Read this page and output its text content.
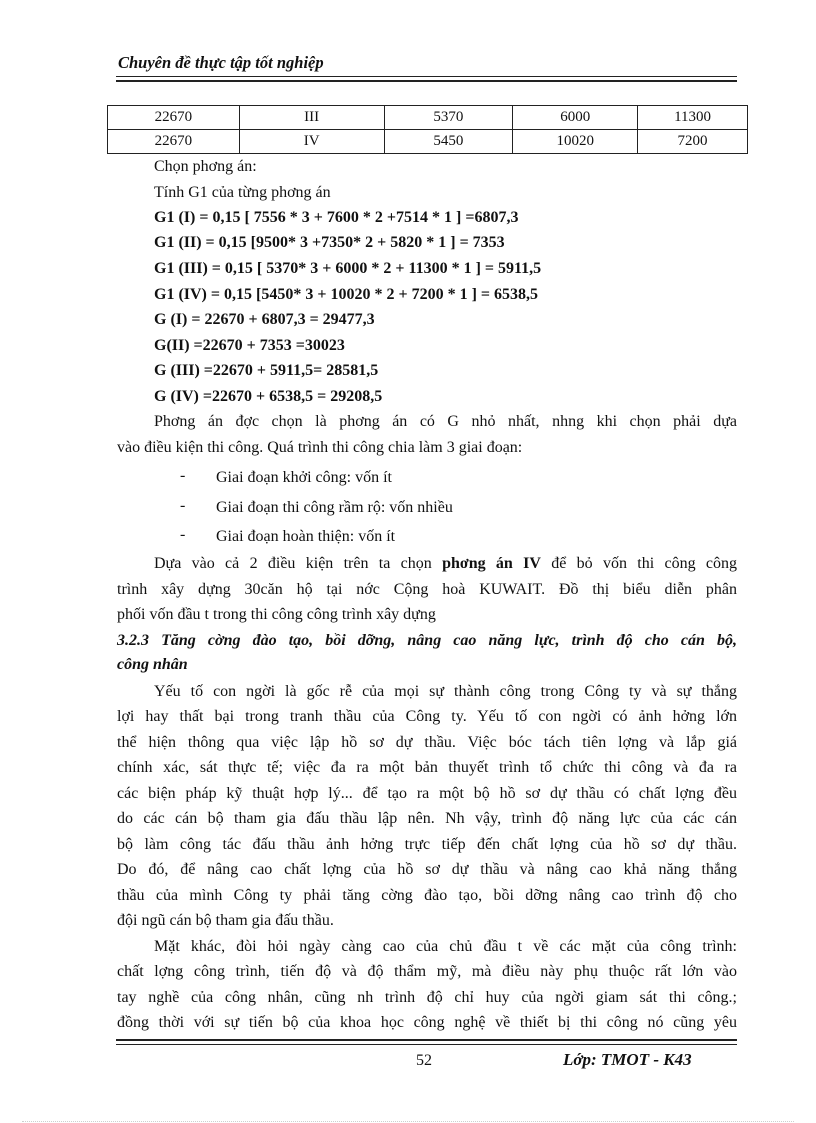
Chuyên đề thực tập tốt nghiệp
22670	III	5370	6000	11300
22670	IV	5450	10020	7200
Chọn phơng án:
Tính G1 của từng phơng án
G1 (I) = 0,15 [ 7556 * 3 + 7600 * 2 +7514 * 1 ] =6807,3
G1 (II) = 0,15 [9500* 3 +7350* 2 + 5820 * 1 ] = 7353
G1 (III) = 0,15 [ 5370* 3 + 6000 * 2 + 11300 * 1 ] = 5911,5
G1 (IV) = 0,15 [5450* 3 + 10020 * 2 + 7200 * 1 ] = 6538,5
G (I) = 22670 + 6807,3 = 29477,3
G(II) =22670 + 7353 =30023
G (III) =22670 + 5911,5= 28581,5
G (IV) =22670 + 6538,5 = 29208,5
Phơng án đợc chọn là phơng án có G nhỏ nhất, nhng khi chọn phải dựa
vào điều kiện thi công. Quá trình thi công chia làm 3 giai đoạn:
- Giai đoạn khởi công: vốn ít
- Giai đoạn thi công rầm rộ: vốn nhiều
- Giai đoạn hoàn thiện: vốn ít
Dựa vào cả 2 điều kiện trên ta chọn phơng án IV để bỏ vốn thi công công
trình xây dựng 30căn hộ tại nớc Cộng hoà KUWAIT. Đồ thị biểu diễn phân
phối vốn đầu t trong thi công công trình xây dựng
3.2.3 Tăng cờng đào tạo, bồi dỡng, nâng cao năng lực, trình độ cho cán bộ,
công nhân
Yếu tố con ngời là gốc rễ của mọi sự thành công trong Công ty và sự thắng
lợi hay thất bại trong tranh thầu của Công ty. Yếu tố con ngời có ảnh hởng lớn
thể hiện thông qua việc lập hồ sơ dự thầu. Việc bóc tách tiên lợng và lắp giá
chính xác, sát thực tế; việc đa ra một bản thuyết trình tổ chức thi công và đa ra
các biện pháp kỹ thuật hợp lý... để tạo ra một bộ hồ sơ dự thầu có chất lợng đều
do các cán bộ tham gia đấu thầu lập nên. Nh vậy, trình độ năng lực của các cán
bộ làm công tác đấu thầu ảnh hởng trực tiếp đến chất lợng của hồ sơ dự thầu.
Do đó, để nâng cao chất lợng của hồ sơ dự thầu và nâng cao khả năng thắng
thầu của mình Công ty phải tăng cờng đào tạo, bồi dỡng nâng cao trình độ cho
đội ngũ cán bộ tham gia đấu thầu.
Mặt khác, đòi hỏi ngày càng cao của chủ đầu t về các mặt của công trình:
chất lợng công trình, tiến độ và độ thẩm mỹ, mà điều này phụ thuộc rất lớn vào
tay nghề của công nhân, cũng nh trình độ chỉ huy của ngời giam sát thi công.;
đồng thời với sự tiến bộ của khoa học công nghệ về thiết bị thi công nó cũng yêu
52	Lớp: TMOT - K43
